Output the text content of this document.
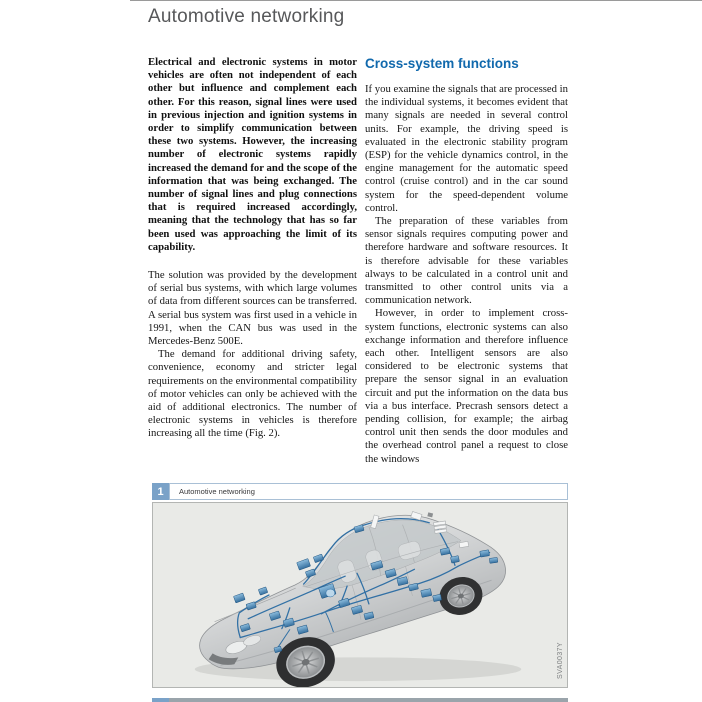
Automotive networking

Electrical and electronic systems in motor vehicles are often not independent of each other but influence and complement each other. For this reason, signal lines were used in previous injection and ignition systems in order to simplify communication between these two systems. However, the increasing number of electronic systems rapidly increased the demand for and the scope of the information that was being exchanged. The number of signal lines and plug connections that is required increased accordingly, meaning that the technology that has so far been used was approaching the limit of its capability.

The solution was provided by the development of serial bus systems, with which large volumes of data from different sources can be transferred. A serial bus system was first used in a vehicle in 1991, when the CAN bus was used in the Mercedes-Benz 500E.

The demand for additional driving safety, convenience, economy and stricter legal requirements on the environmental compatibility of motor vehicles can only be achieved with the aid of additional electronics. The number of electronic systems in vehicles is therefore increasing all the time (Fig. 2).

Cross-system functions

If you examine the signals that are processed in the individual systems, it becomes evident that many signals are needed in several control units. For example, the driving speed is evaluated in the electronic stability program (ESP) for the vehicle dynamics control, in the engine management for the automatic speed control (cruise control) and in the car sound system for the speed-dependent volume control.

The preparation of these variables from sensor signals requires computing power and therefore hardware and software resources. It is therefore advisable for these variables always to be calculated in a control unit and transmitted to other control units via a communication network.

However, in order to implement cross-system functions, electronic systems can also exchange information and therefore influence each other. Intelligent sensors are also considered to be electronic systems that prepare the sensor signal in an evaluation circuit and put the information on the data bus via a bus interface. Precrash sensors detect a pending collision, for example; the airbag control unit then sends the door modules and the overhead control panel a request to close the windows

1	Automotive networking
SVA0037Y
